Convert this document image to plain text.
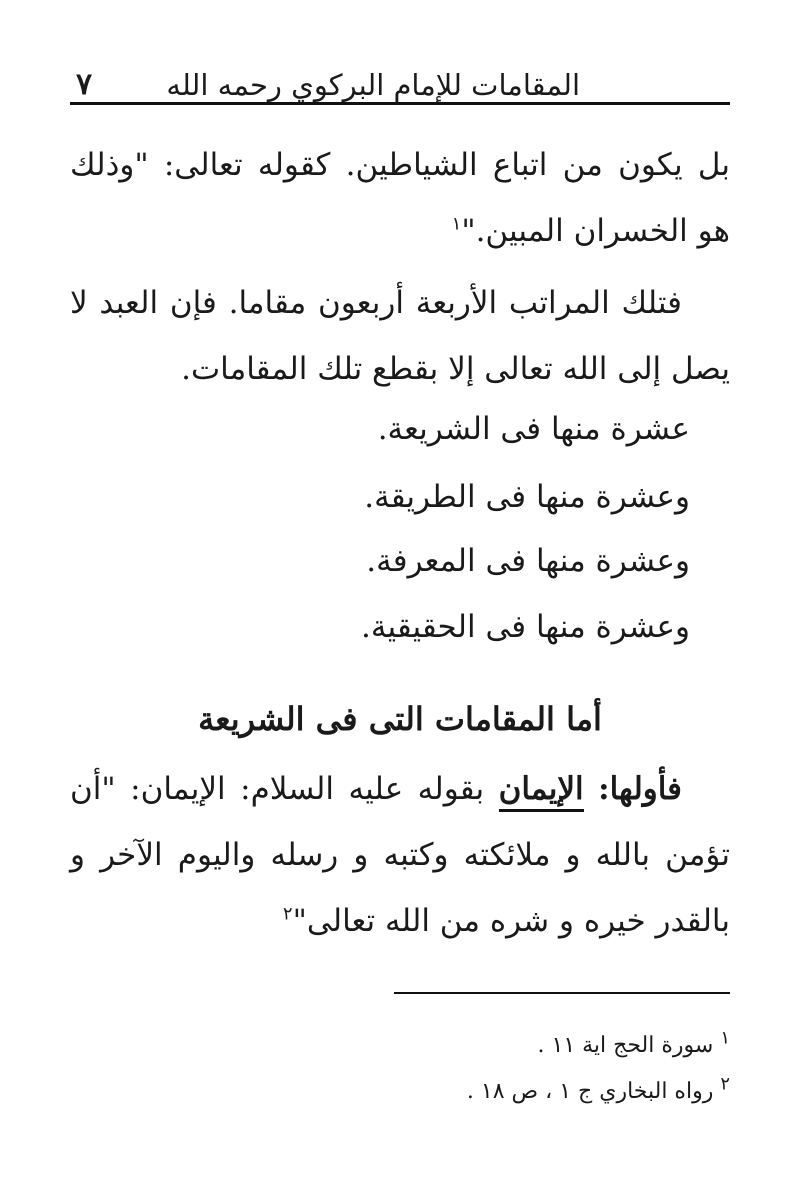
المقامات للإمام البركوي رحمه الله
٧
بل يكون من اتباع الشياطين. كقوله تعالى: "وذلك هو الخسران المبين."$^١$
فتلك المراتب الأربعة أربعون مقاما. فإن العبد لا يصل إلى الله تعالى إلا بقطع تلك المقامات.
عشرة منها فى الشريعة.
وعشرة منها فى الطريقة.
وعشرة منها فى المعرفة.
وعشرة منها فى الحقيقية.
أما المقامات التى فى الشريعة
فأولها: الإيمان بقوله عليه السلام: الإيمان: "أن تؤمن بالله و ملائكته وكتبه و رسله واليوم الآخر و بالقدر خيره و شره من الله تعالى"$^٢$
$^١$ سورة الحج اية ١١ .
$^٢$ رواه البخاري ج ١ ، ص ١٨ .
